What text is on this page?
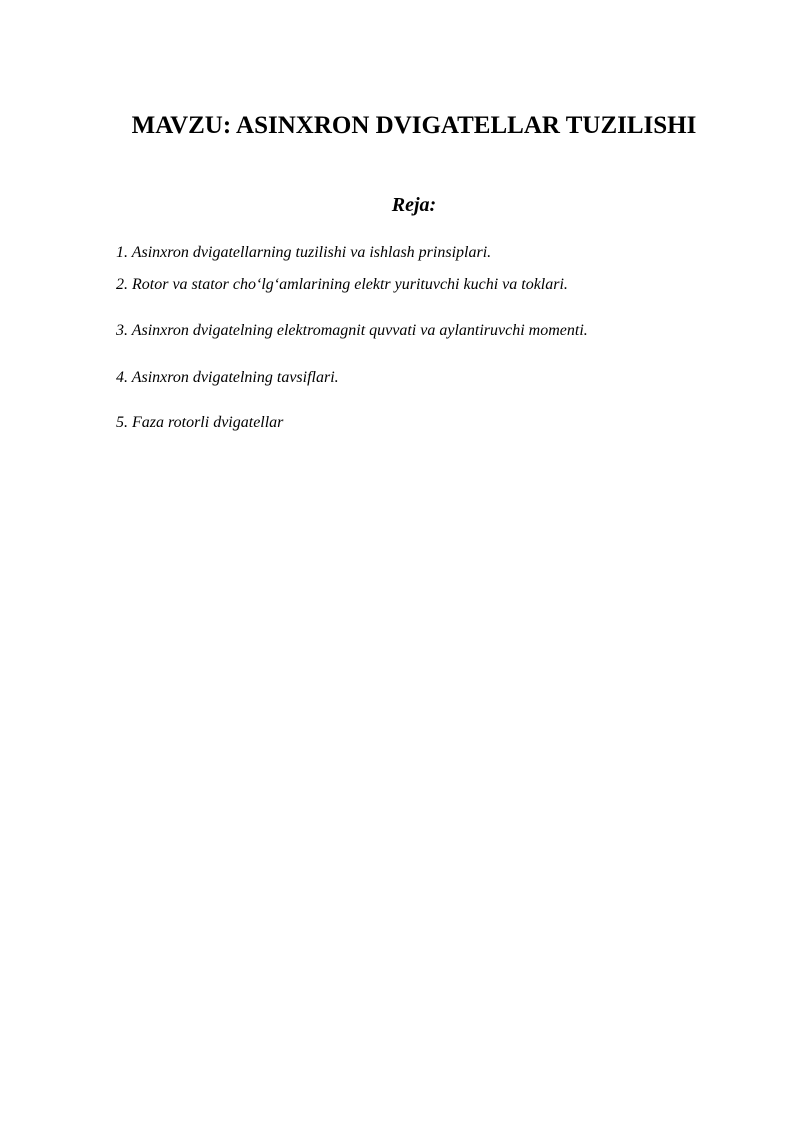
MAVZU: ASINXRON DVIGATELLAR TUZILISHI
Reja:

1. Asinxron dvigatellarning tuzilishi va ishlash prinsiplari.

2. Rotor va stator cho‘lg‘amlarining elektr yurituvchi kuchi va toklari.

3. Asinxron dvigatelning elektromagnit quvvati va aylantiruvchi momenti.

4. Asinxron dvigatelning tavsiflari.

5. Faza rotorli dvigatellar
